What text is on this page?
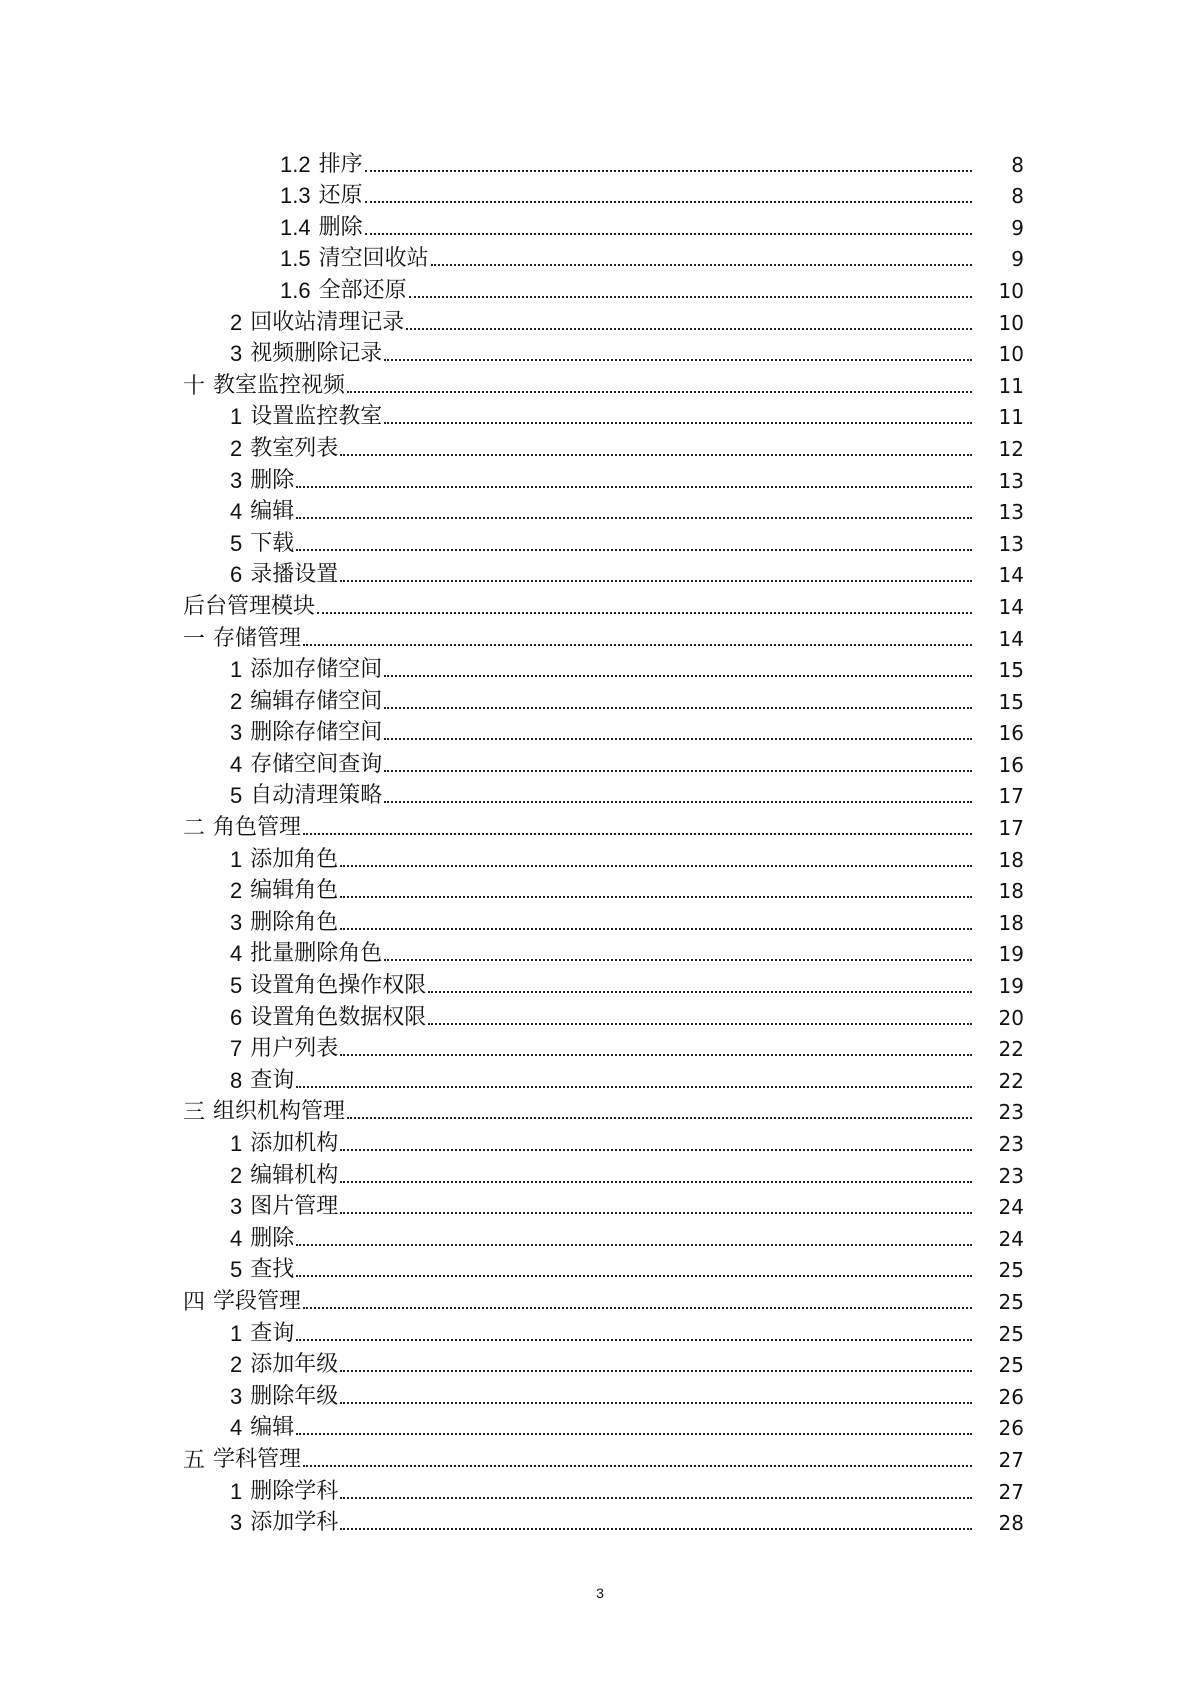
1.2 排序	8
1.3 还原	8
1.4 删除	9
1.5 清空回收站	9
1.6 全部还原	10
2 回收站清理记录	10
3 视频删除记录	10
十 教室监控视频	11
1 设置监控教室	11
2 教室列表	12
3 删除	13
4 编辑	13
5 下载	13
6 录播设置	14
后台管理模块	14
一 存储管理	14
1 添加存储空间	15
2 编辑存储空间	15
3 删除存储空间	16
4 存储空间查询	16
5 自动清理策略	17
二 角色管理	17
1 添加角色	18
2 编辑角色	18
3 删除角色	18
4 批量删除角色	19
5 设置角色操作权限	19
6 设置角色数据权限	20
7 用户列表	22
8 查询	22
三 组织机构管理	23
1 添加机构	23
2 编辑机构	23
3 图片管理	24
4 删除	24
5 查找	25
四 学段管理	25
1 查询	25
2 添加年级	25
3 删除年级	26
4 编辑	26
五 学科管理	27
1 删除学科	27
3 添加学科	28
3
